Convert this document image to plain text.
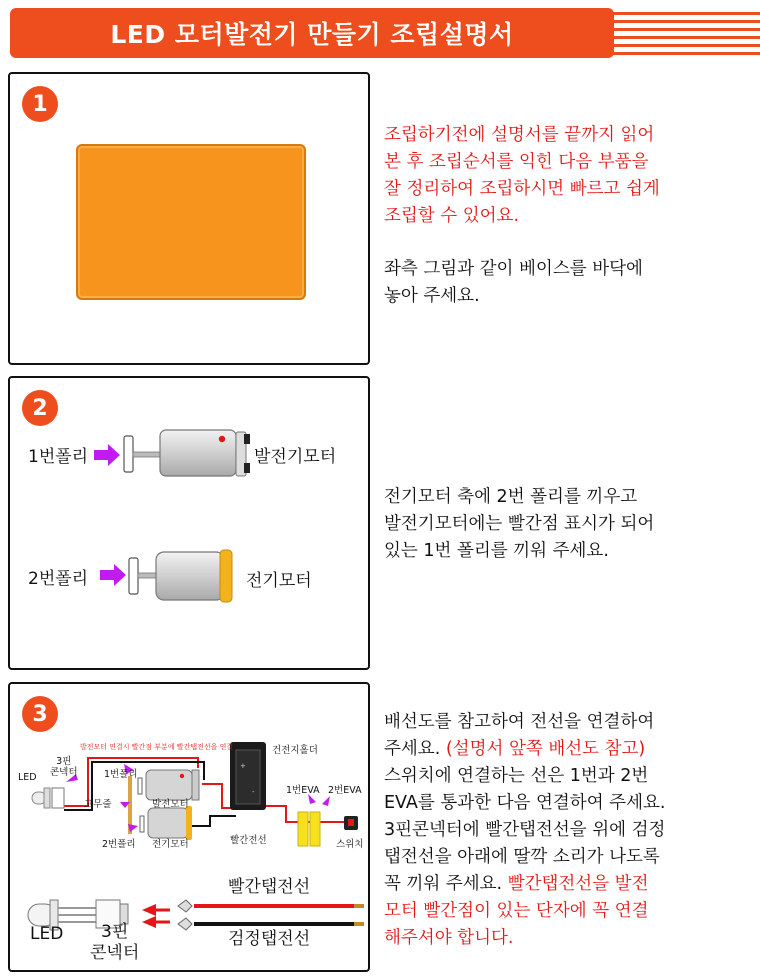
LED 모터발전기 만들기 조립설명서
1
조립하기전에 설명서를 끝까지 읽어
본 후 조립순서를 익힌 다음 부품을
잘 정리하여 조립하시면 빠르고 쉽게
조립할 수 있어요.
좌측 그림과 같이 베이스를 바닥에
놓아 주세요.
2
1번폴리	발전기모터
2번폴리	전기모터
전기모터 축에 2번 폴리를 끼우고
발전기모터에는 빨간점 표시가 되어
있는 1번 폴리를 끼워 주세요.
3
+
-
발전모터 연결시 빨간점 부분에 빨간탭전선을 연결
LED
3핀
콘넥터	1번폴리
고무줄	발전모터
2번폴리 전기모터
건전지홀더
1번EVA 2번EVA
빨간전선	스위치
LED	3핀
콘넥터
빨간탭전선
검정탭전선
배선도를 참고하여 전선을 연결하여
주세요. (설명서 앞쪽 배선도 참고)
스위치에 연결하는 선은 1번과 2번
EVA를 통과한 다음 연결하여 주세요.
3핀콘넥터에 빨간탭전선을 위에 검정
탭전선을 아래에 딸깍 소리가 나도록
꼭 끼워 주세요. 빨간탭전선을 발전
모터 빨간점이 있는 단자에 꼭 연결
해주셔야 합니다.
